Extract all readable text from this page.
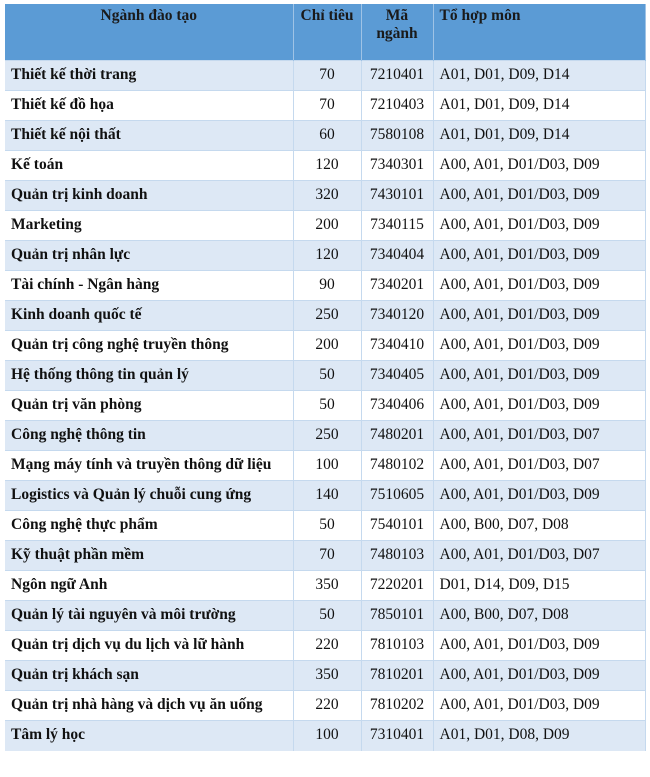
Ngành đào tạo	Chỉ tiêu	Mã ngành	Tổ hợp môn
Thiết kế thời trang	70	7210401	A01, D01, D09, D14
Thiết kế đồ họa	70	7210403	A01, D01, D09, D14
Thiết kế nội thất	60	7580108	A01, D01, D09, D14
Kế toán	120	7340301	A00, A01, D01/D03, D09
Quản trị kinh doanh	320	7430101	A00, A01, D01/D03, D09
Marketing	200	7340115	A00, A01, D01/D03, D09
Quản trị nhân lực	120	7340404	A00, A01, D01/D03, D09
Tài chính - Ngân hàng	90	7340201	A00, A01, D01/D03, D09
Kinh doanh quốc tế	250	7340120	A00, A01, D01/D03, D09
Quản trị công nghệ truyền thông	200	7340410	A00, A01, D01/D03, D09
Hệ thống thông tin quản lý	50	7340405	A00, A01, D01/D03, D09
Quản trị văn phòng	50	7340406	A00, A01, D01/D03, D09
Công nghệ thông tin	250	7480201	A00, A01, D01/D03, D07
Mạng máy tính và truyền thông dữ liệu	100	7480102	A00, A01, D01/D03, D07
Logistics và Quản lý chuỗi cung ứng	140	7510605	A00, A01, D01/D03, D09
Công nghệ thực phẩm	50	7540101	A00, B00, D07, D08
Kỹ thuật phần mềm	70	7480103	A00, A01, D01/D03, D07
Ngôn ngữ Anh	350	7220201	D01, D14, D09, D15
Quản lý tài nguyên và môi trường	50	7850101	A00, B00, D07, D08
Quản trị dịch vụ du lịch và lữ hành	220	7810103	A00, A01, D01/D03, D09
Quản trị khách sạn	350	7810201	A00, A01, D01/D03, D09
Quản trị nhà hàng và dịch vụ ăn uống	220	7810202	A00, A01, D01/D03, D09
Tâm lý học	100	7310401	A01, D01, D08, D09
